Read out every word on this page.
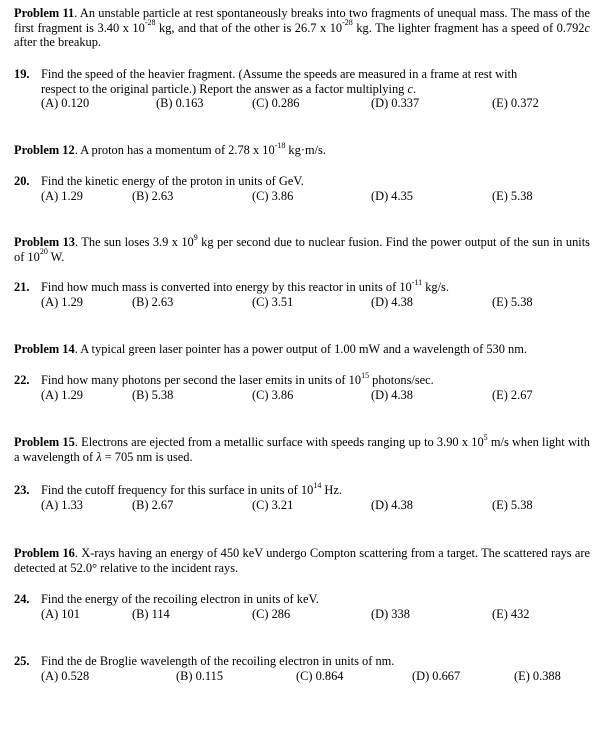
Problem 11. An unstable particle at rest spontaneously breaks into two fragments of unequal mass. The mass of the first fragment is 3.40 x $10^{-28}$ kg, and that of the other is 26.7 x $10^{-28}$ kg. The lighter fragment has a speed of 0.792c after the breakup.

19. Find the speed of the heavier fragment. (Assume the speeds are measured in a frame at rest with
respect to the original particle.) Report the answer as a factor multiplying c.
(A) 0.120	(B) 0.163	(C) 0.286	(D) 0.337	(E) 0.372

Problem 12. A proton has a momentum of 2.78 x $10^{-18}$ kg·m/s.

20. Find the kinetic energy of the proton in units of GeV.
(A) 1.29	(B) 2.63	(C) 3.86	(D) 4.35	(E) 5.38

Problem 13. The sun loses 3.9 x $10^9$ kg per second due to nuclear fusion. Find the power output of the sun in units of $10^{20}$ W.

21. Find how much mass is converted into energy by this reactor in units of $10^{-11}$ kg/s.
(A) 1.29	(B) 2.63	(C) 3.51	(D) 4.38	(E) 5.38

Problem 14. A typical green laser pointer has a power output of 1.00 mW and a wavelength of 530 nm.

22. Find how many photons per second the laser emits in units of $10^{15}$ photons/sec.
(A) 1.29	(B) 5.38	(C) 3.86	(D) 4.38	(E) 2.67

Problem 15. Electrons are ejected from a metallic surface with speeds ranging up to 3.90 x $10^5$ m/s when light with a wavelength of λ = 705 nm is used.

23. Find the cutoff frequency for this surface in units of $10^{14}$ Hz.
(A) 1.33	(B) 2.67	(C) 3.21	(D) 4.38	(E) 5.38

Problem 16. X-rays having an energy of 450 keV undergo Compton scattering from a target. The scattered rays are detected at 52.0° relative to the incident rays.

24. Find the energy of the recoiling electron in units of keV.
(A) 101	(B) 114	(C) 286	(D) 338	(E) 432
25. Find the de Broglie wavelength of the recoiling electron in units of nm.
(A) 0.528	(B) 0.115	(C) 0.864	(D) 0.667	(E) 0.388
